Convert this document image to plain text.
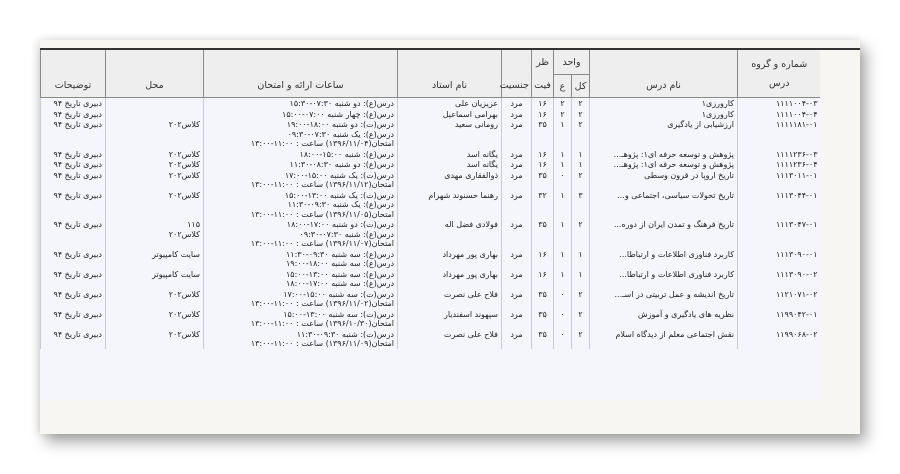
شماره و گروه
درس	نام درس	واحد		ظر	جنسیت	نام استاد	ساعات ارائه و امتحان	محل	توضیحات
		کل	ع	فیت					
۱۱۱۱۰۰۴-۰۳	کارورزی۱	۲	۲	۱۶	مرد	عزیزیان علی	درس(ع): دو شنبه ۰۷:۳۰-۱۵:۳۰		دبیری تاریخ ۹۴
۱۱۱۱۰۰۴-۰۴	کارورزی۱	۲	۲	۱۶	مرد	بهرامی اسماعیل	درس(ع): چهار شنبه ۰۷:۰۰-۱۵:۰۰		دبیری تاریخ ۹۴
۱۱۱۱۱۸۱-۰۱	ارزشیابی از یادگیری	۲	۱	۳۵	مرد	رومانی سعید	درس(ت): دو شنبه ۱۸:۰۰-۱۹:۰۰
درس(ع): یک شنبه ۰۷:۳۰-۰۹:۳۰
امتحان(۱۳۹۶/۱۱/۰۴) ساعت : ۱۱:۰۰-۱۳:۰۰	کلاس۲۰۲	دبیری تاریخ ۹۴
۱۱۱۱۲۳۶-۰۳	پژوهش و توسعه حرفه ای۱: پژوهـ...	۱	۱	۱۶	مرد	یگانه اسد	درس(ع): شنبه ۱۵:۰۰-۱۸:۰۰	کلاس۲۰۲	دبیری تاریخ ۹۴
۱۱۱۱۲۳۶-۰۴	پژوهش و توسعه حرفه ای۱: پژوهـ...	۱	۱	۱۶	مرد	یگانه اسد	درس(ع): دو شنبه ۰۸:۳۰-۱۱:۳۰	کلاس۲۰۲	دبیری تاریخ ۹۴
۱۱۱۳۰۱۱-۰۱	تاریخ اروپا در قرون وسطی	۲	۰	۳۵	مرد	ذوالفقاری مهدی	درس(ت): یک شنبه ۱۵:۰۰-۱۷:۰۰
امتحان(۱۳۹۶/۱۱/۱۲) ساعت : ۱۱:۰۰-۱۳:۰۰	کلاس۲۰۲	دبیری تاریخ ۹۴
۱۱۱۳۰۴۴-۰۱	تاریخ تحولات سیاسی، اجتماعی و...	۳	۱	۳۲	مرد	رهنما حسنوند شهرام	درس(ت): یک شنبه ۱۳:۰۰-۱۵:۰۰
درس(ع): یک شنبه ۰۹:۳۰-۱۱:۳۰
امتحان(۱۳۹۶/۱۱/۰۵) ساعت : ۱۱:۰۰-۱۳:۰۰	کلاس۲۰۲	دبیری تاریخ ۹۴
۱۱۱۳۰۴۷-۰۱	تاریخ فرهنگ و تمدن ایران از دوره...	۲	۱	۳۵	مرد	فولادی فضل اله	درس(ت): دو شنبه ۱۷:۰۰-۱۸:۰۰
درس(ع): شنبه ۰۷:۳۰-۰۹:۳۰
امتحان(۱۳۹۶/۱۱/۰۷) ساعت : ۱۱:۰۰-۱۳:۰۰	۱۱۵
کلاس۲۰۲	دبیری تاریخ ۹۴
۱۱۱۳۰۹۰-۰۱	کاربرد فناوری اطلاعات و ارتباطا...	۱	۱	۱۶	مرد	بهاری پور مهرداد	درس(ع): سه شنبه ۰۹:۳۰-۱۱:۳۰
درس(ع): سه شنبه ۱۸:۰۰-۱۹:۰۰	سایت کامپیوتر	دبیری تاریخ ۹۴
۱۱۱۳۰۹۰-۰۲	کاربرد فناوری اطلاعات و ارتباطا...	۱	۱	۱۶	مرد	بهاری پور مهرداد	درس(ع): سه شنبه ۱۳:۰۰-۱۵:۰۰
درس(ع): سه شنبه ۱۷:۰۰-۱۸:۰۰	سایت کامپیوتر	دبیری تاریخ ۹۴
۱۱۲۱۰۷۱-۰۲	تاریخ اندیشه و عمل تربیتی در اسـ...	۲	۰	۳۵	مرد	فلاح علی نصرت	درس(ت): سه شنبه ۱۵:۰۰-۱۷:۰۰
امتحان(۱۳۹۶/۱۱/۰۲) ساعت : ۱۱:۰۰-۱۳:۰۰	کلاس۲۰۲	دبیری تاریخ ۹۴
۱۱۹۹۰۴۲-۰۱	نظریه های یادگیری و آموزش	۲	۰	۳۵	مرد	سپهوند اسفندیار	درس(ت): سه شنبه ۱۳:۰۰-۱۵:۰۰
امتحان(۱۳۹۶/۱۰/۳۰) ساعت : ۱۱:۰۰-۱۳:۰۰	کلاس۲۰۲	دبیری تاریخ ۹۴
۱۱۹۹۰۶۸-۰۲	نقش اجتماعی معلم از دیدگاه اسلام	۲	۰	۳۵	مرد	فلاح علی نصرت	درس(ت): شنبه ۰۹:۳۰-۱۱:۳۰
امتحان(۱۳۹۶/۱۱/۰۹) ساعت : ۱۱:۰۰-۱۳:۰۰	کلاس۲۰۲	دبیری تاریخ ۹۴
